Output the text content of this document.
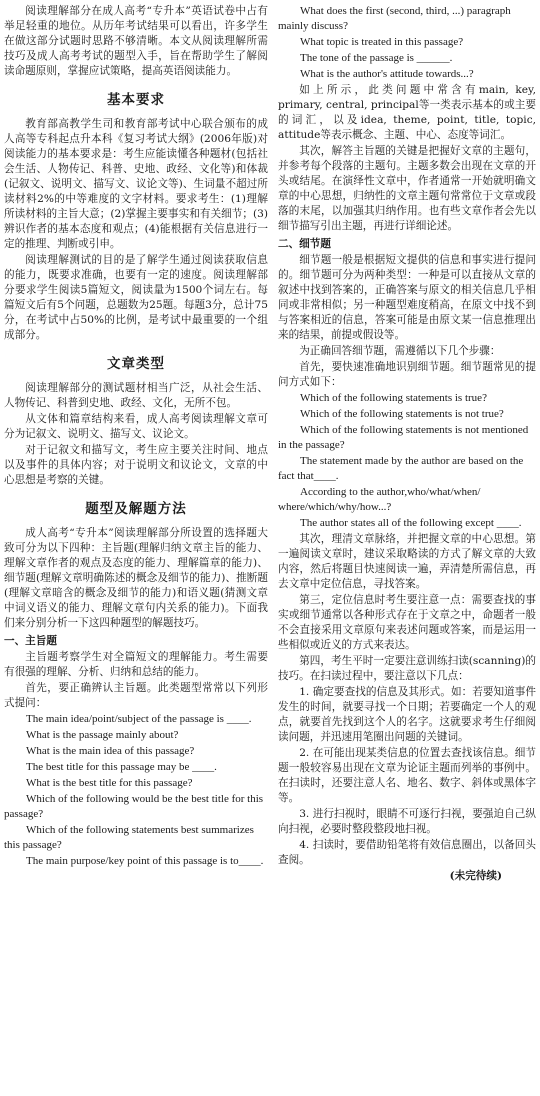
阅读理解部分在成人高考“专升本”英语试卷中占有举足轻重的地位。从历年考试结果可以看出，许多学生在做这部分试题时思路不够清晰。本文从阅读理解所需技巧及成人高考考试的题型入手，旨在帮助学生了解阅读命题原则，掌握应试策略，提高英语阅读能力。

基本要求

教育部高教学生司和教育部考试中心联合颁布的成人高等专科起点升本科《复习考试大纲》(2006年版)对阅读能力的基本要求是：考生应能读懂各种题材(包括社会生活、人物传记、科普、史地、政经、文化等)和体裁(记叙文、说明文、描写文、议论文等)、生词量不超过所读材料2%的中等难度的文字材料。要求考生：(1)理解所读材料的主旨大意；(2)掌握主要事实和有关细节；(3)辨识作者的基本态度和观点；(4)能根据有关信息进行一定的推理、判断或引申。

阅读理解测试的目的是了解学生通过阅读获取信息的能力，既要求准确，也要有一定的速度。阅读理解部分要求学生阅读5篇短文，阅读量为1500个词左右。每篇短文后有5个问题，总题数为25题。每题3分，总计75分，在考试中占50%的比例，是考试中最重要的一个组成部分。

文章类型

阅读理解部分的测试题材相当广泛，从社会生活、人物传记、科普到史地、政经、文化，无所不包。

从文体和篇章结构来看，成人高考阅读理解文章可分为记叙文、说明文、描写文、议论文。

对于记叙文和描写文，考生应主要关注时间、地点以及事件的具体内容；对于说明文和议论文，文章的中心思想是考察的关键。

题型及解题方法

成人高考“专升本”阅读理解部分所设置的选择题大致可分为以下四种：主旨题(理解归纳文章主旨的能力、理解文章作者的观点及态度的能力、理解篇章的能力)、细节题(理解文章明确陈述的概念及细节的能力)、推断题(理解文章暗含的概念及细节的能力)和语义题(猜测文章中词义语义的能力、理解文章句内关系的能力)。下面我们来分别分析一下这四种题型的解题技巧。

一、主旨题

主旨题考察学生对全篇短文的理解能力。考生需要有很强的理解、分析、归纳和总结的能力。

首先，要正确辨认主旨题。此类题型常常以下列形式提问：

The main idea/point/subject of the passage is ____.

What is the passage mainly about?

What is the main idea of this passage?

The best title for this passage may be ____.

What is the best title for this passage?

Which of the following would be the best title for this passage?

Which of the following statements best summarizes this passage?

The main purpose/key point of this passage is to____.

What does the first (second, third, ...) paragraph mainly discuss?

What topic is treated in this passage?

The tone of the passage is ______.

What is the author's attitude towards...?

如上所示，此类问题中常含有main, key, primary, central, principal等一类表示基本的或主要的词汇，以及idea, theme, point, title, topic, attitude等表示概念、主题、中心、态度等词汇。

其次，解答主旨题的关键是把握好文章的主题句，并参考每个段落的主题句。主题多数会出现在文章的开头或结尾。在演绎性文章中，作者通常一开始就明确文章的中心思想，归纳性的文章主题句常常位于文章或段落的末尾，以加强其归纳作用。也有些文章作者会先以细节描写引出主题，再进行详细论述。

二、细节题

细节题一般是根据短文提供的信息和事实进行提问的。细节题可分为两种类型：一种是可以直接从文章的叙述中找到答案的，正确答案与原文的相关信息几乎相同或非常相似；另一种题型难度稍高，在原文中找不到与答案相近的信息，答案可能是由原文某一信息推理出来的结果，前提或假设等。

为正确回答细节题，需遵循以下几个步骤：

首先，要快速准确地识别细节题。细节题常见的提问方式如下：

Which of the following statements is true?

Which of the following statements is not true?

Which of the following statements is not mentioned in the passage?

The statement made by the author are based on the fact that____.

According to the author,who/what/when/ where/which/why/how...?

The author states all of the following except ____.

其次，理清文章脉络，并把握文章的中心思想。第一遍阅读文章时，建议采取略读的方式了解文章的大致内容，然后将题目快速阅读一遍，弄清楚所需信息，再去文章中定位信息，寻找答案。

第三，定位信息时考生要注意一点：需要查找的事实或细节通常以各种形式存在于文章之中，命题者一般不会直接采用文章原句来表述问题或答案，而是运用一些相似或近义的方式来表达。

第四，考生平时一定要注意训练扫读(scanning)的技巧。在扫读过程中，要注意以下几点：

1. 确定要查找的信息及其形式。如：若要知道事件发生的时间，就要寻找一个日期；若要确定一个人的观点，就要首先找到这个人的名字。这就要求考生仔细阅读问题，并迅速用笔圈出问题的关键词。

2. 在可能出现某类信息的位置去查找该信息。细节题一般较容易出现在文章为论证主题而列举的事例中。在扫读时，还要注意人名、地名、数字、斜体或黑体字等。

3. 进行扫视时，眼睛不可逐行扫视，要强迫自己纵向扫视，必要时整段整段地扫视。

4. 扫读时，要借助铅笔将有效信息圈出，以备回头查阅。

(未完待续)
